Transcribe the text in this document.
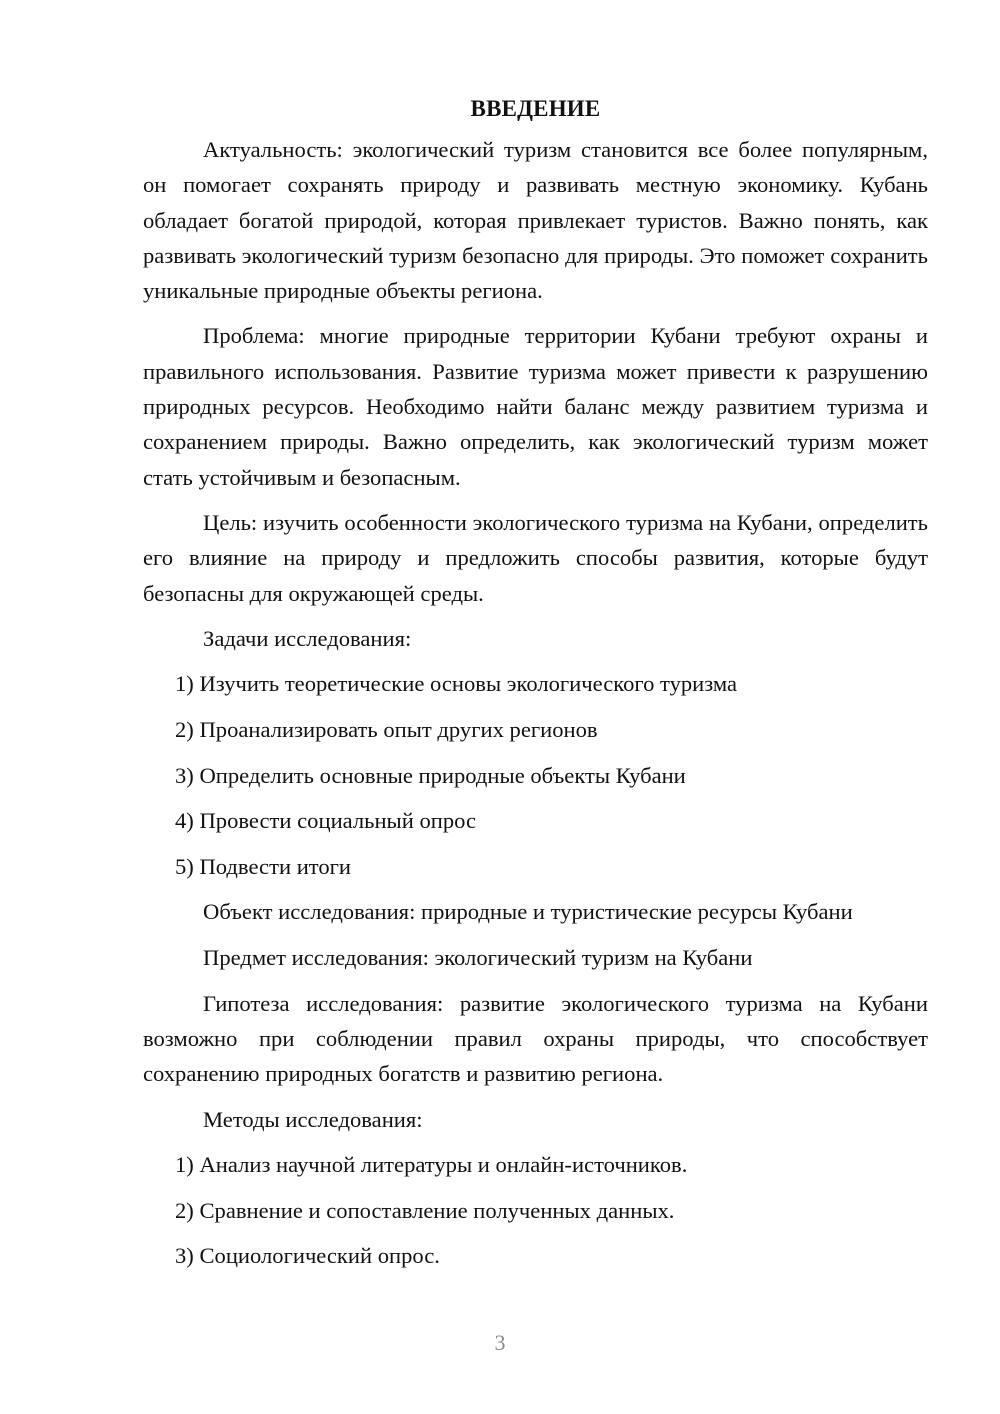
ВВЕДЕНИЕ

Актуальность: экологический туризм становится все более популярным, он помогает сохранять природу и развивать местную экономику. Кубань обладает богатой природой, которая привлекает туристов. Важно понять, как развивать экологический туризм безопасно для природы. Это поможет сохранить уникальные природные объекты региона.

Проблема: многие природные территории Кубани требуют охраны и правильного использования. Развитие туризма может привести к разрушению природных ресурсов. Необходимо найти баланс между развитием туризма и сохранением природы. Важно определить, как экологический туризм может стать устойчивым и безопасным.

Цель: изучить особенности экологического туризма на Кубани, определить его влияние на природу и предложить способы развития, которые будут безопасны для окружающей среды.

Задачи исследования:
1) Изучить теоретические основы экологического туризма
2) Проанализировать опыт других регионов
3) Определить основные природные объекты Кубани
4) Провести социальный опрос
5) Подвести итоги
Объект исследования: природные и туристические ресурсы Кубани
Предмет исследования: экологический туризм на Кубани

Гипотеза исследования: развитие экологического туризма на Кубани возможно при соблюдении правил охраны природы, что способствует сохранению природных богатств и развитию региона.

Методы исследования:
1) Анализ научной литературы и онлайн-источников.
2) Сравнение и сопоставление полученных данных.
3) Социологический опрос.
3
